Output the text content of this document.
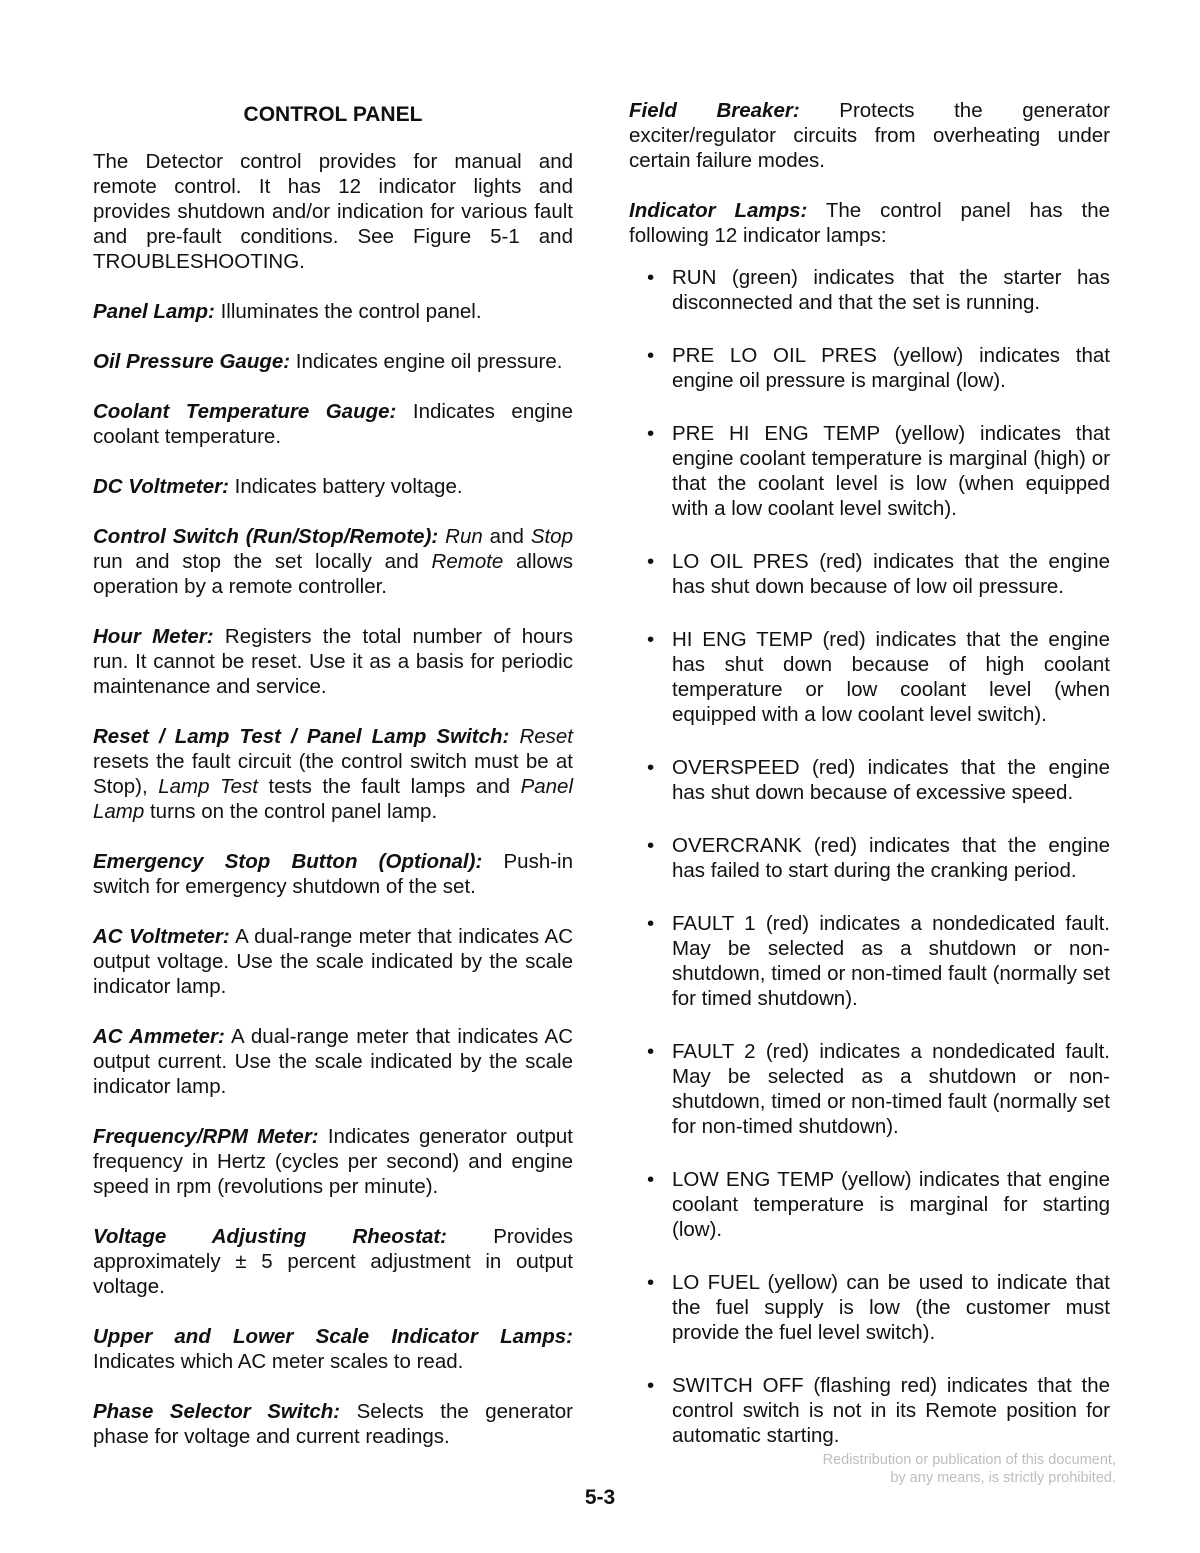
CONTROL PANEL

The Detector control provides for manual and remote control. It has 12 indicator lights and provides shutdown and/or indication for various fault and pre-fault conditions. See Figure 5-1 and TROUBLESHOOTING.

Panel Lamp: Illuminates the control panel.

Oil Pressure Gauge: Indicates engine oil pressure.

Coolant Temperature Gauge: Indicates engine coolant temperature.

DC Voltmeter: Indicates battery voltage.

Control Switch (Run/Stop/Remote): Run and Stop run and stop the set locally and Remote allows operation by a remote controller.

Hour Meter: Registers the total number of hours run. It cannot be reset. Use it as a basis for periodic maintenance and service.

Reset / Lamp Test / Panel Lamp Switch: Reset resets the fault circuit (the control switch must be at Stop), Lamp Test tests the fault lamps and Panel Lamp turns on the control panel lamp.

Emergency Stop Button (Optional): Push-in switch for emergency shutdown of the set.

AC Voltmeter: A dual-range meter that indicates AC output voltage. Use the scale indicated by the scale indicator lamp.

AC Ammeter: A dual-range meter that indicates AC output current. Use the scale indicated by the scale indicator lamp.

Frequency/RPM Meter: Indicates generator output frequency in Hertz (cycles per second) and engine speed in rpm (revolutions per minute).

Voltage Adjusting Rheostat: Provides approximately ± 5 percent adjustment in output voltage.

Upper and Lower Scale Indicator Lamps: Indicates which AC meter scales to read.

Phase Selector Switch: Selects the generator phase for voltage and current readings.

Field Breaker: Protects the generator exciter/regulator circuits from overheating under certain failure modes.

Indicator Lamps: The control panel has the following 12 indicator lamps:

• RUN (green) indicates that the starter has disconnected and that the set is running.
• PRE LO OIL PRES (yellow) indicates that engine oil pressure is marginal (low).
• PRE HI ENG TEMP (yellow) indicates that engine coolant temperature is marginal (high) or that the coolant level is low (when equipped with a low coolant level switch).
• LO OIL PRES (red) indicates that the engine has shut down because of low oil pressure.
• HI ENG TEMP (red) indicates that the engine has shut down because of high coolant temperature or low coolant level (when equipped with a low coolant level switch).
• OVERSPEED (red) indicates that the engine has shut down because of excessive speed.
• OVERCRANK (red) indicates that the engine has failed to start during the cranking period.
• FAULT 1 (red) indicates a nondedicated fault. May be selected as a shutdown or non-shutdown, timed or non-timed fault (normally set for timed shutdown).
• FAULT 2 (red) indicates a nondedicated fault. May be selected as a shutdown or non-shutdown, timed or non-timed fault (normally set for non-timed shutdown).
• LOW ENG TEMP (yellow) indicates that engine coolant temperature is marginal for starting (low).
• LO FUEL (yellow) can be used to indicate that the fuel supply is low (the customer must provide the fuel level switch).
• SWITCH OFF (flashing red) indicates that the control switch is not in its Remote position for automatic starting.
Redistribution or publication of this document,
by any means, is strictly prohibited.
5-3
